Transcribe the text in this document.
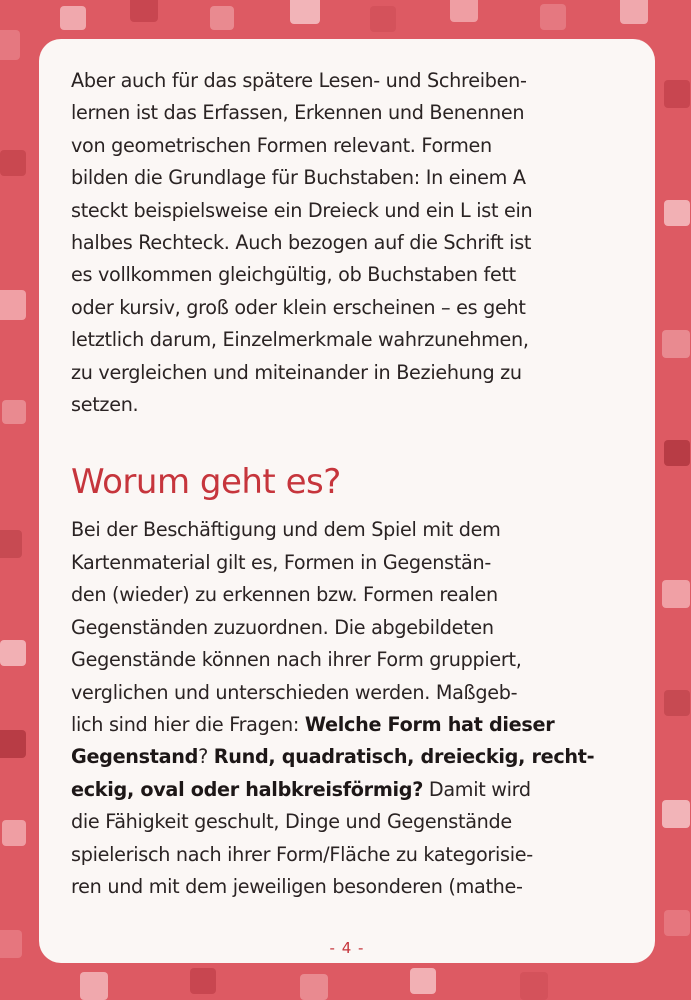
Aber auch für das spätere Lesen- und Schreiben-
lernen ist das Erfassen, Erkennen und Benennen
von geometrischen Formen relevant. Formen
bilden die Grundlage für Buchstaben: In einem A
steckt beispielsweise ein Dreieck und ein L ist ein
halbes Rechteck. Auch bezogen auf die Schrift ist
es vollkommen gleichgültig, ob Buchstaben fett
oder kursiv, groß oder klein erscheinen – es geht
letztlich darum, Einzelmerkmale wahrzunehmen,
zu vergleichen und miteinander in Beziehung zu
setzen.

Worum geht es?

Bei der Beschäftigung und dem Spiel mit dem
Kartenmaterial gilt es, Formen in Gegenstän-
den (wieder) zu erkennen bzw. Formen realen
Gegenständen zuzuordnen. Die abgebildeten
Gegenstände können nach ihrer Form gruppiert,
verglichen und unterschieden werden. Maßgeb-
lich sind hier die Fragen: Welche Form hat dieser
Gegenstand? Rund, quadratisch, dreieckig, recht-
eckig, oval oder halbkreisförmig? Damit wird
die Fähigkeit geschult, Dinge und Gegenstände
spielerisch nach ihrer Form/Fläche zu kategorisie-
ren und mit dem jeweiligen besonderen (mathe-

- 4 -
